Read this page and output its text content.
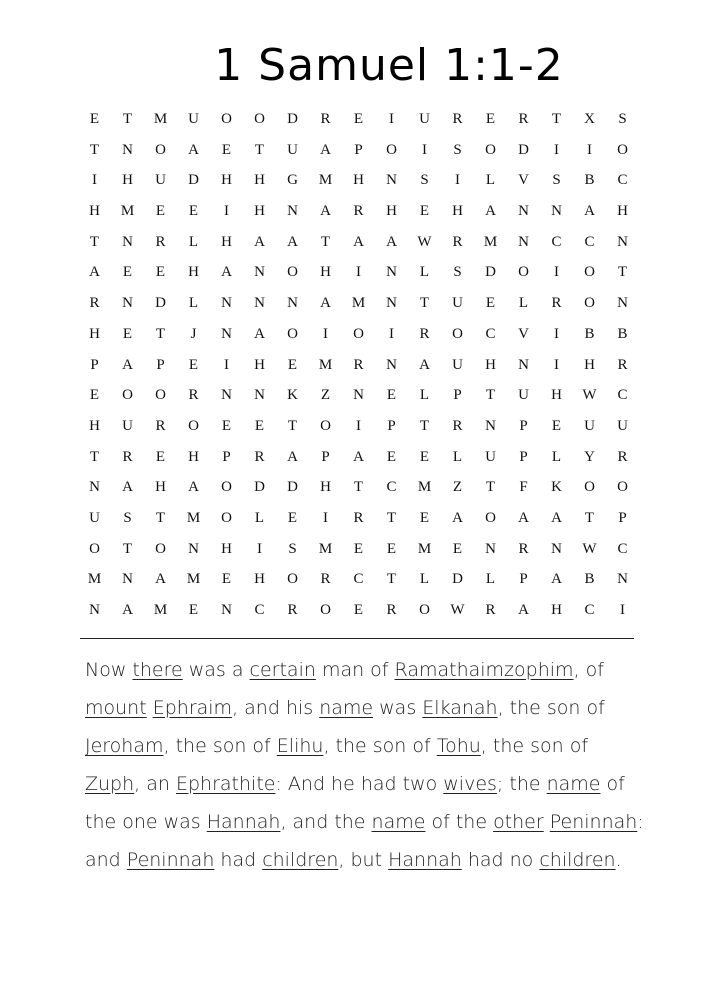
1 Samuel 1:1-2
E	T	M	U	O	O	D	R	E	I	U	R	E	R	T	X	S
T	N	O	A	E	T	U	A	P	O	I	S	O	D	I	I	O
I	H	U	D	H	H	G	M	H	N	S	I	L	V	S	B	C
H	M	E	E	I	H	N	A	R	H	E	H	A	N	N	A	H
T	N	R	L	H	A	A	T	A	A	W	R	M	N	C	C	N
A	E	E	H	A	N	O	H	I	N	L	S	D	O	I	O	T
R	N	D	L	N	N	N	A	M	N	T	U	E	L	R	O	N
H	E	T	J	N	A	O	I	O	I	R	O	C	V	I	B	B
P	A	P	E	I	H	E	M	R	N	A	U	H	N	I	H	R
E	O	O	R	N	N	K	Z	N	E	L	P	T	U	H	W	C
H	U	R	O	E	E	T	O	I	P	T	R	N	P	E	U	U
T	R	E	H	P	R	A	P	A	E	E	L	U	P	L	Y	R
N	A	H	A	O	D	D	H	T	C	M	Z	T	F	K	O	O
U	S	T	M	O	L	E	I	R	T	E	A	O	A	A	T	P
O	T	O	N	H	I	S	M	E	E	M	E	N	R	N	W	C
M	N	A	M	E	H	O	R	C	T	L	D	L	P	A	B	N
N	A	M	E	N	C	R	O	E	R	O	W	R	A	H	C	I
Now there was a certain man of Ramathaimzophim, of mount Ephraim, and his name was Elkanah, the son of Jeroham, the son of Elihu, the son of Tohu, the son of Zuph, an Ephrathite: And he had two wives; the name of the one was Hannah, and the name of the other Peninnah: and Peninnah had children, but Hannah had no children.
